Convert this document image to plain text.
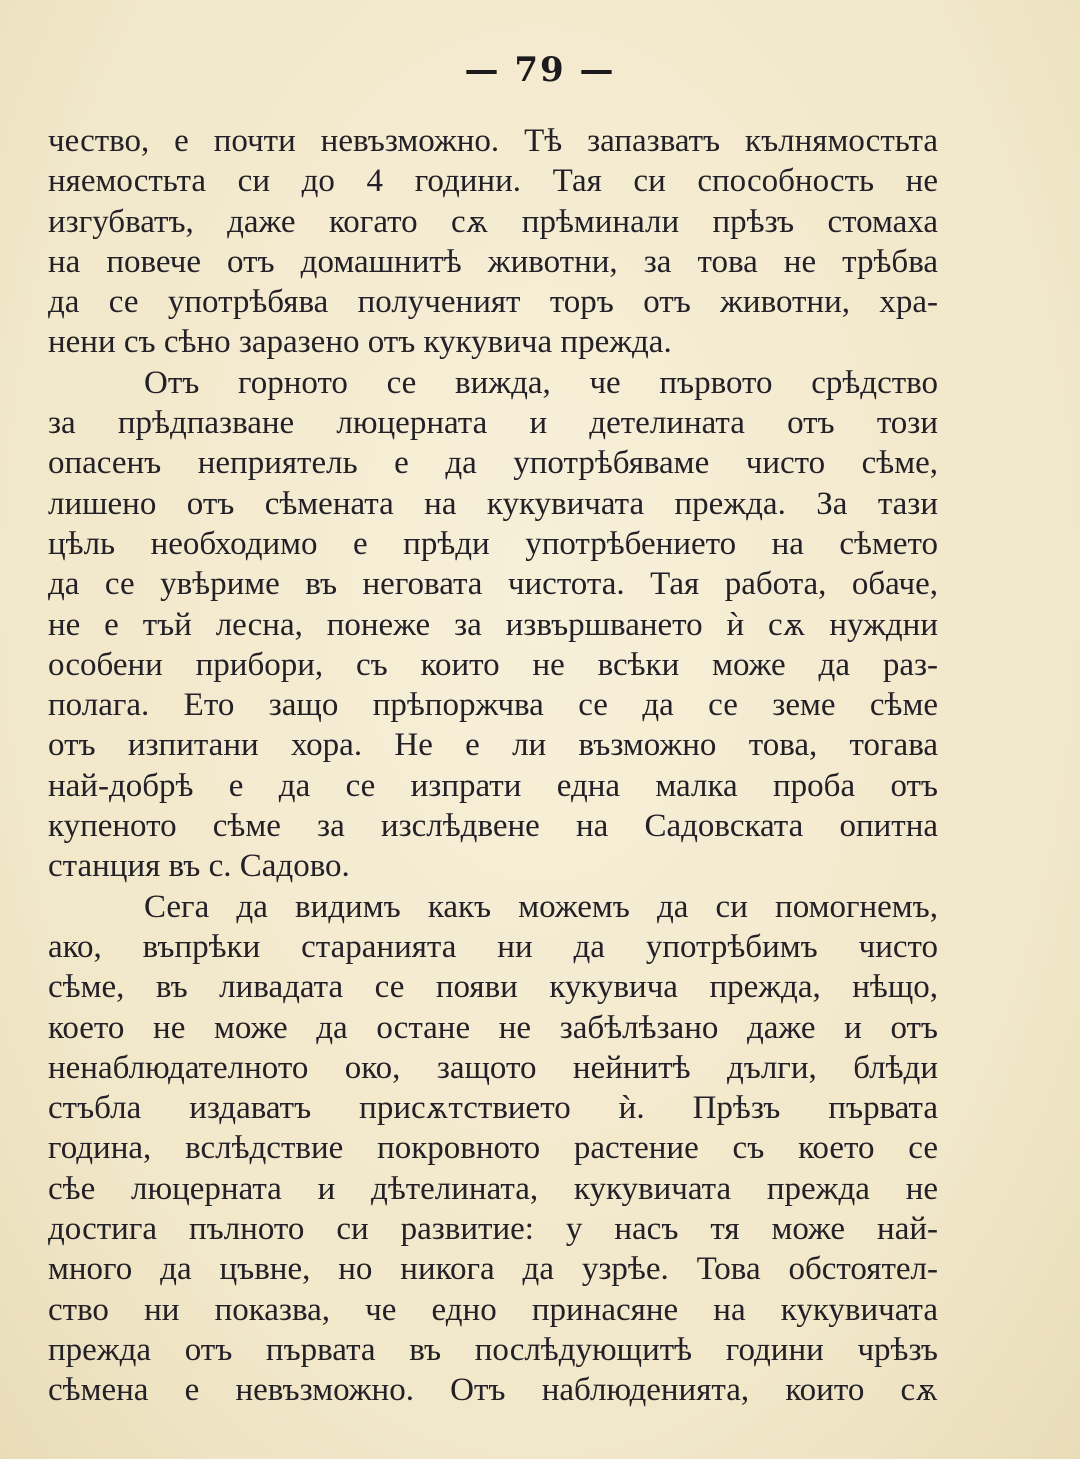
— 79 —
чество, е почти невъзможно. Тѣ запазватъ кълнямостьта
няемостьта си до 4 години. Тая си способность не
изгубватъ, даже когато сѫ прѣминали прѣзъ стомаха
на повече отъ домашнитѣ животни, за това не трѣбва
да се употрѣбява полученият торъ отъ животни, хра-
нени съ сѣно заразено отъ кукувича прежда.
Отъ горното се вижда, че първото срѣдство
за прѣдпазване люцерната и детелината отъ този
опасенъ неприятель е да употрѣбяваме чисто сѣме,
лишено отъ сѣмената на кукувичата прежда. За тази
цѣль необходимо е прѣди употрѣбението на сѣмето
да се увѣриме въ неговата чистота. Тая работа, обаче,
не е тъй лесна, понеже за извършването ѝ сѫ нуждни
особени прибори, съ които не всѣки може да раз-
полага. Ето защо прѣпоржчва се да се земе сѣме
отъ изпитани хора. Не е ли възможно това, тогава
най-добрѣ е да се изпрати една малка проба отъ
купеното сѣме за изслѣдвене на Садовската опитна
станция въ с. Садово.
Сега да видимъ какъ можемъ да си помогнемъ,
ако, въпрѣки старанията ни да употрѣбимъ чисто
сѣме, въ ливадата се появи кукувича прежда, нѣщо,
което не може да остане не забѣлѣзано даже и отъ
ненаблюдателното око, защото нейнитѣ дълги, блѣди
стъбла издаватъ присѫтствието ѝ. Прѣзъ първата
година, вслѣдствие покровното растение съ което се
сѣе люцерната и дѣтелината, кукувичата прежда не
достига пълното си развитие: у насъ тя може най-
много да цъвне, но никога да узрѣе. Това обстоятел-
ство ни показва, че едно принасяне на кукувичата
прежда отъ първата въ послѣдующитѣ години чрѣзъ
сѣмена е невъзможно. Отъ наблюденията, които сѫ
